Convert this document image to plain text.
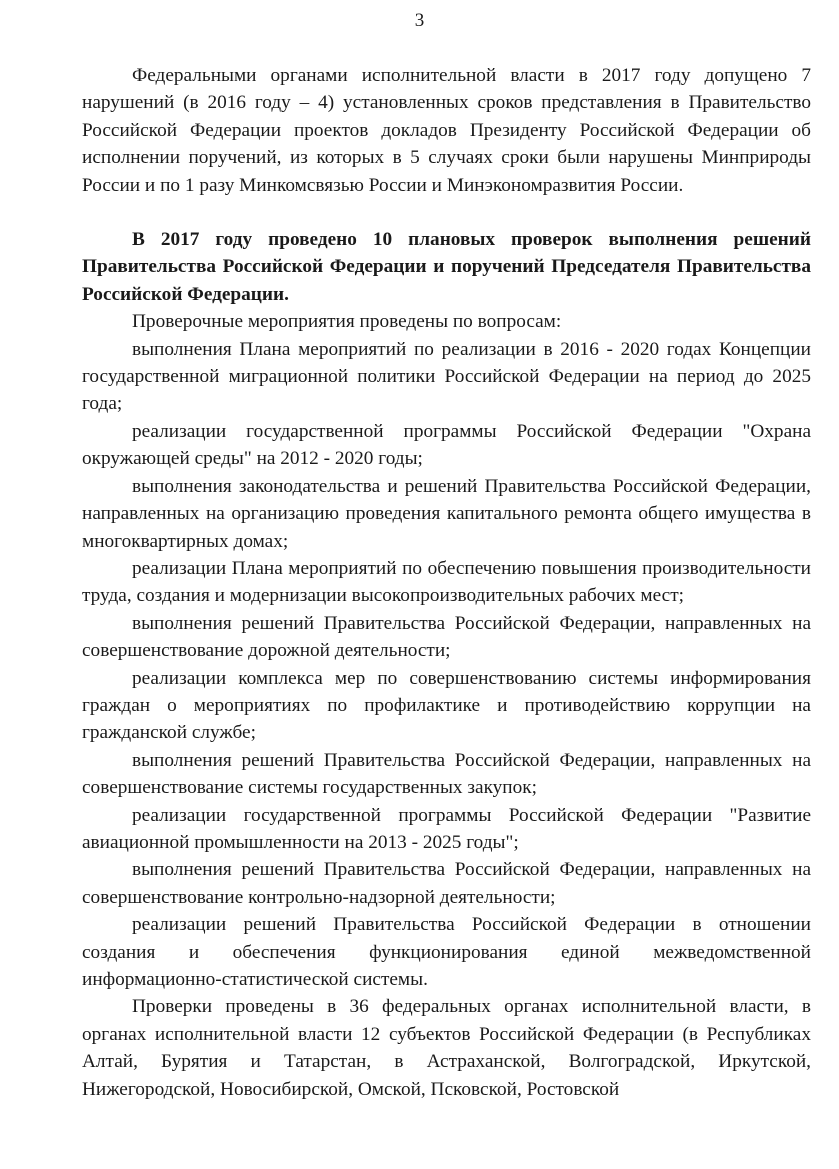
3

Федеральными органами исполнительной власти в 2017 году допущено 7 нарушений (в 2016 году – 4) установленных сроков представления в Правительство Российской Федерации проектов докладов Президенту Российской Федерации об исполнении поручений, из которых в 5 случаях сроки были нарушены Минприроды России и по 1 разу Минкомсвязью России и Минэкономразвития России.

В 2017 году проведено 10 плановых проверок выполнения решений Правительства Российской Федерации и поручений Председателя Правительства Российской Федерации.

Проверочные мероприятия проведены по вопросам:

выполнения Плана мероприятий по реализации в 2016 - 2020 годах Концепции государственной миграционной политики Российской Федерации на период до 2025 года;

реализации государственной программы Российской Федерации "Охрана окружающей среды" на 2012 - 2020 годы;

выполнения законодательства и решений Правительства Российской Федерации, направленных на организацию проведения капитального ремонта общего имущества в многоквартирных домах;

реализации Плана мероприятий по обеспечению повышения производительности труда, создания и модернизации высокопроизводительных рабочих мест;

выполнения решений Правительства Российской Федерации, направленных на совершенствование дорожной деятельности;

реализации комплекса мер по совершенствованию системы информирования граждан о мероприятиях по профилактике и противодействию коррупции на гражданской службе;

выполнения решений Правительства Российской Федерации, направленных на совершенствование системы государственных закупок;

реализации государственной программы Российской Федерации "Развитие авиационной промышленности на 2013 - 2025 годы";

выполнения решений Правительства Российской Федерации, направленных на совершенствование контрольно-надзорной деятельности;

реализации решений Правительства Российской Федерации в отношении создания и обеспечения функционирования единой межведомственной информационно-статистической системы.

Проверки проведены в 36 федеральных органах исполнительной власти, в органах исполнительной власти 12 субъектов Российской Федерации (в Республиках Алтай, Бурятия и Татарстан, в Астраханской, Волгоградской, Иркутской, Нижегородской, Новосибирской, Омской, Псковской, Ростовской
